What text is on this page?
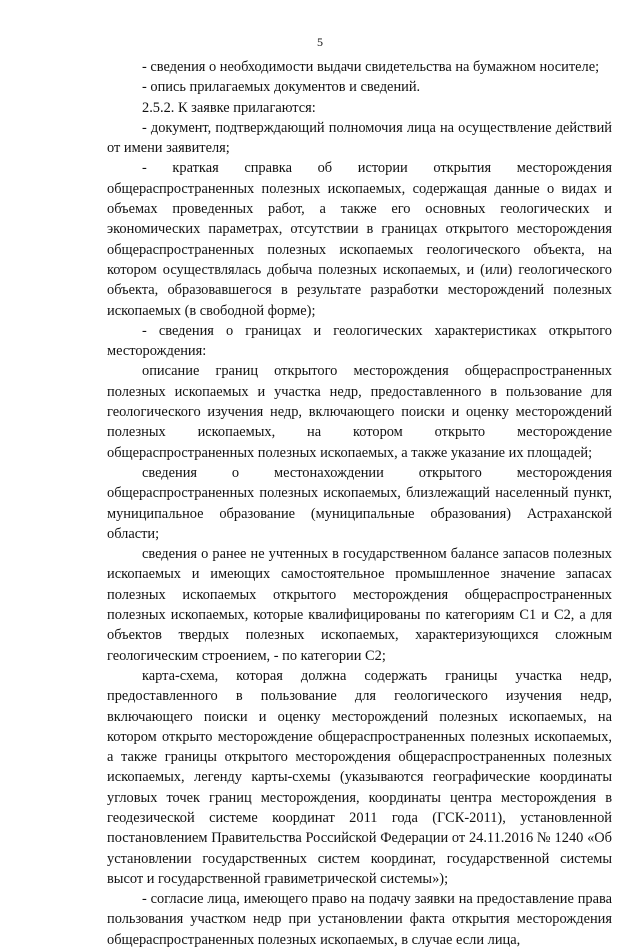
5

- сведения о необходимости выдачи свидетельства на бумажном носителе;

- опись прилагаемых документов и сведений.

2.5.2. К заявке прилагаются:

- документ, подтверждающий полномочия лица на осуществление действий от имени заявителя;

- краткая справка об истории открытия месторождения общераспространенных полезных ископаемых, содержащая данные о видах и объемах проведенных работ, а также его основных геологических и экономических параметрах, отсутствии в границах открытого месторождения общераспространенных полезных ископаемых геологического объекта, на котором осуществлялась добыча полезных ископаемых, и (или) геологического объекта, образовавшегося в результате разработки месторождений полезных ископаемых (в свободной форме);

- сведения о границах и геологических характеристиках открытого месторождения:

описание границ открытого месторождения общераспространенных полезных ископаемых и участка недр, предоставленного в пользование для геологического изучения недр, включающего поиски и оценку месторождений полезных ископаемых, на котором открыто месторождение общераспространенных полезных ископаемых, а также указание их площадей;

сведения о местонахождении открытого месторождения общераспространенных полезных ископаемых, близлежащий населенный пункт, муниципальное образование (муниципальные образования) Астраханской области;

сведения о ранее не учтенных в государственном балансе запасов полезных ископаемых и имеющих самостоятельное промышленное значение запасах полезных ископаемых открытого месторождения общераспространенных полезных ископаемых, которые квалифицированы по категориям С1 и С2, а для объектов твердых полезных ископаемых, характеризующихся сложным геологическим строением, - по категории С2;

карта-схема, которая должна содержать границы участка недр, предоставленного в пользование для геологического изучения недр, включающего поиски и оценку месторождений полезных ископаемых, на котором открыто месторождение общераспространенных полезных ископаемых, а также границы открытого месторождения общераспространенных полезных ископаемых, легенду карты-схемы (указываются географические координаты угловых точек границ месторождения, координаты центра месторождения в геодезической системе координат 2011 года (ГСК-2011), установленной постановлением Правительства Российской Федерации от 24.11.2016 № 1240 «Об установлении государственных систем координат, государственной системы высот и государственной гравиметрической системы»);

- согласие лица, имеющего право на подачу заявки на предоставление права пользования участком недр при установлении факта открытия месторождения общераспространенных полезных ископаемых, в случае если лица,
